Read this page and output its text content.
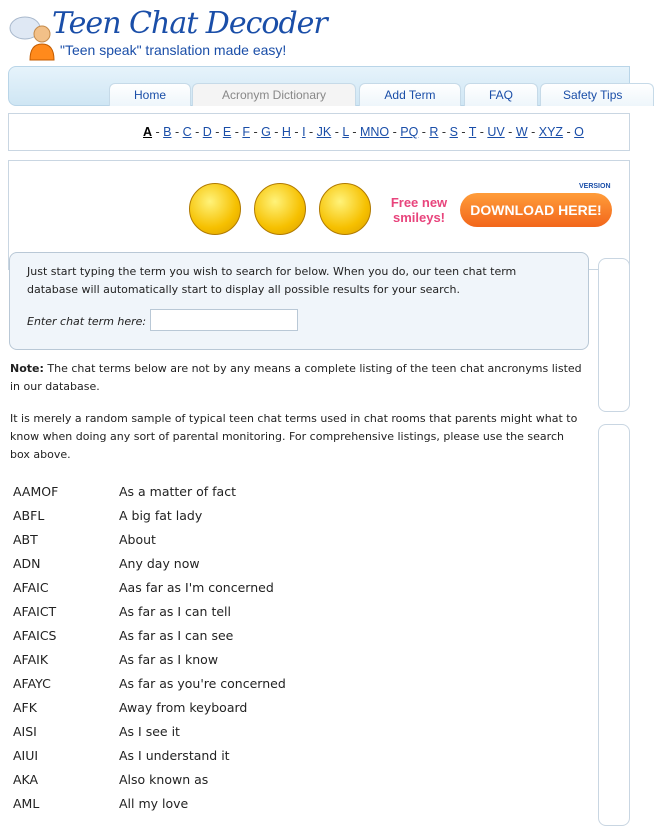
Teen Chat Decoder
"Teen speak" translation made easy!
Home	Acronym Dictionary	Add Term	FAQ	Safety Tips
A - B - C - D - E - F - G - H - I - JK - L - MNO - PQ - R - S - T - UV - W - XYZ - O
Free new smileys!	DOWNLOAD HERE!
VERSION
Just start typing the term you wish to search for below. When you do, our teen chat term database will automatically start to display all possible results for your search.
Enter chat term here:
Note: The chat terms below are not by any means a complete listing of the teen chat ancronyms listed in our database.
It is merely a random sample of typical teen chat terms used in chat rooms that parents might what to know when doing any sort of parental monitoring. For comprehensive listings, please use the search box above.
AAMOF	As a matter of fact
ABFL	A big fat lady
ABT	About
ADN	Any day now
AFAIC	Aas far as I'm concerned
AFAICT	As far as I can tell
AFAICS	As far as I can see
AFAIK	As far as I know
AFAYC	As far as you're concerned
AFK	Away from keyboard
AISI	As I see it
AIUI	As I understand it
AKA	Also known as
AML	All my love
